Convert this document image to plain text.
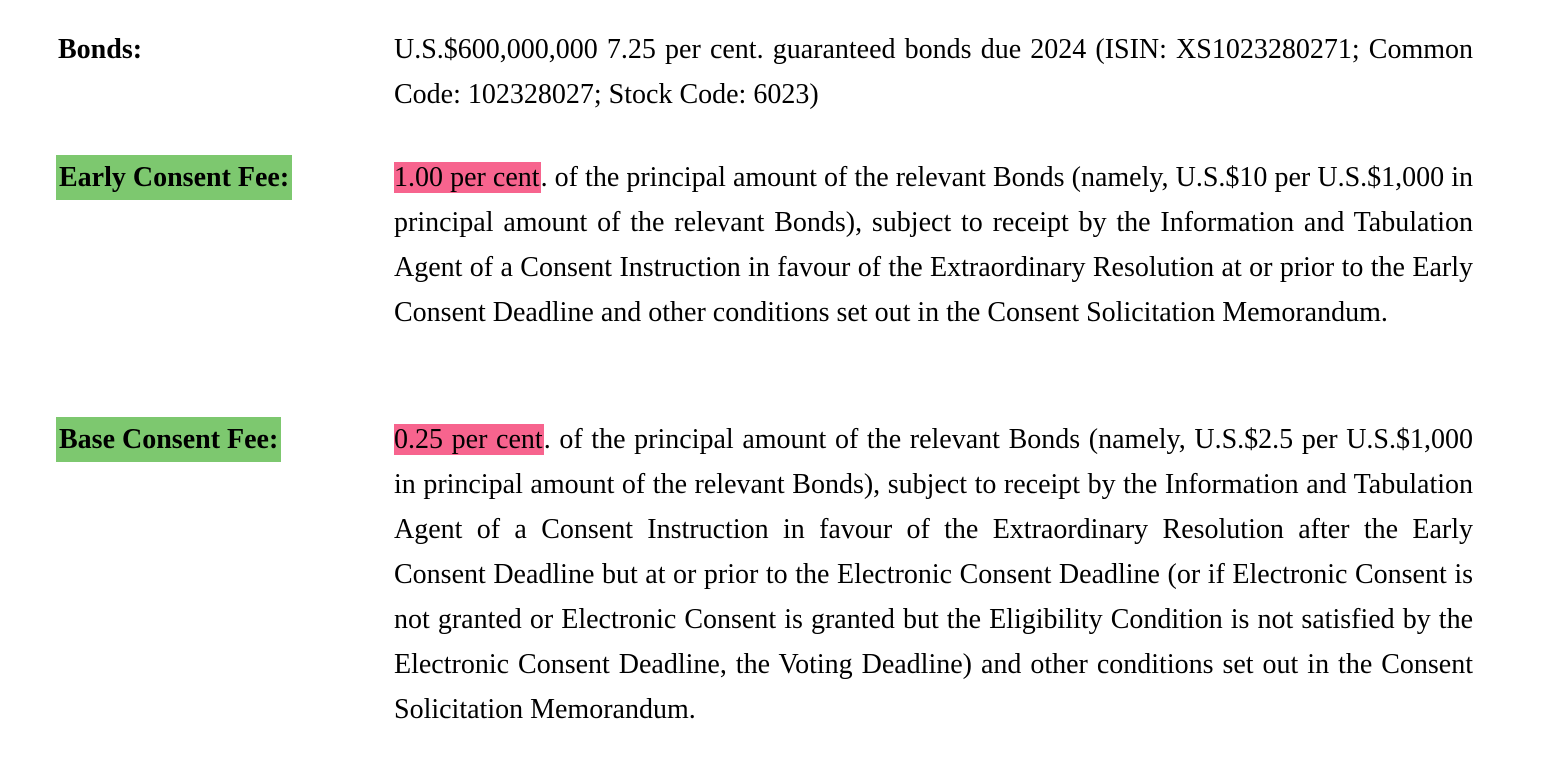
Bonds:	U.S.$600,000,000 7.25 per cent. guaranteed bonds due 2024 (ISIN: XS1023280271; Common Code: 102328027; Stock Code: 6023)

Early Consent Fee:	1.00 per cent. of the principal amount of the relevant Bonds (namely, U.S.$10 per U.S.$1,000 in principal amount of the relevant Bonds), subject to receipt by the Information and Tabulation Agent of a Consent Instruction in favour of the Extraordinary Resolution at or prior to the Early Consent Deadline and other conditions set out in the Consent Solicitation Memorandum.

Base Consent Fee:	0.25 per cent. of the principal amount of the relevant Bonds (namely, U.S.$2.5 per U.S.$1,000 in principal amount of the relevant Bonds), subject to receipt by the Information and Tabulation Agent of a Consent Instruction in favour of the Extraordinary Resolution after the Early Consent Deadline but at or prior to the Electronic Consent Deadline (or if Electronic Consent is not granted or Electronic Consent is granted but the Eligibility Condition is not satisfied by the Electronic Consent Deadline, the Voting Deadline) and other conditions set out in the Consent Solicitation Memorandum.
